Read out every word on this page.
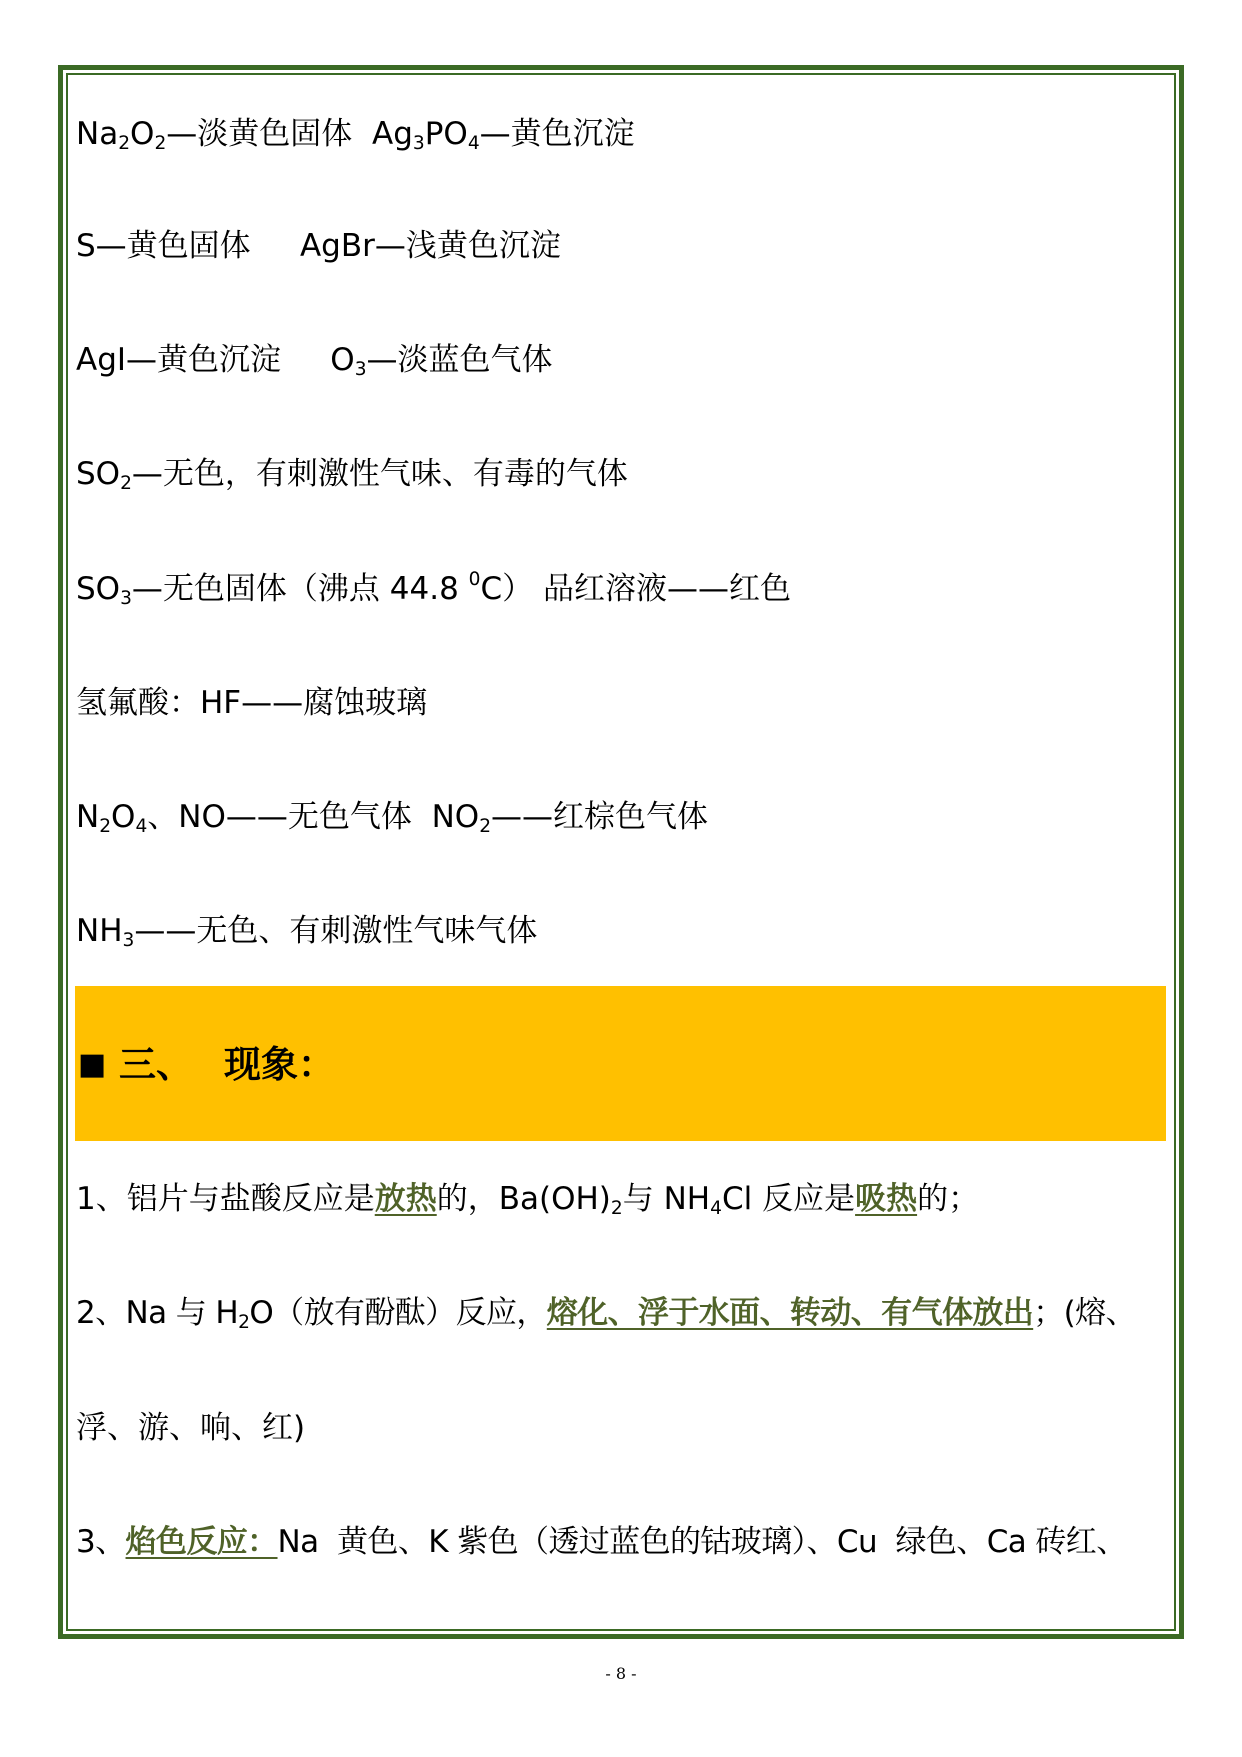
$Na_2O_2—$淡黄色固体  $Ag_3PO_4—$黄色沉淀
S—黄色固体     AgBr—浅黄色沉淀
AgI—黄色沉淀     $O_3—$淡蓝色气体
$SO_2—$无色，有刺激性气味、有毒的气体
$SO_3—$无色固体（沸点 44.8 $^0$C） 品红溶液——红色
氢氟酸：HF——腐蚀玻璃
$N_2O_4$、NO——无色气体  $NO_2——$红棕色气体
$NH_3——$无色、有刺激性气味气体
■ 三、 现象：
1、铝片与盐酸反应是放热的，$Ba(OH)_2$与 $NH_4Cl$ 反应是吸热的；
2、Na 与 $H_2O$（放有酚酞）反应，熔化、浮于水面、转动、有气体放出；(熔、
浮、游、响、红)
3、焰色反应：Na  黄色、K 紫色（透过蓝色的钴玻璃）、Cu  绿色、Ca 砖红、
- 8 -
